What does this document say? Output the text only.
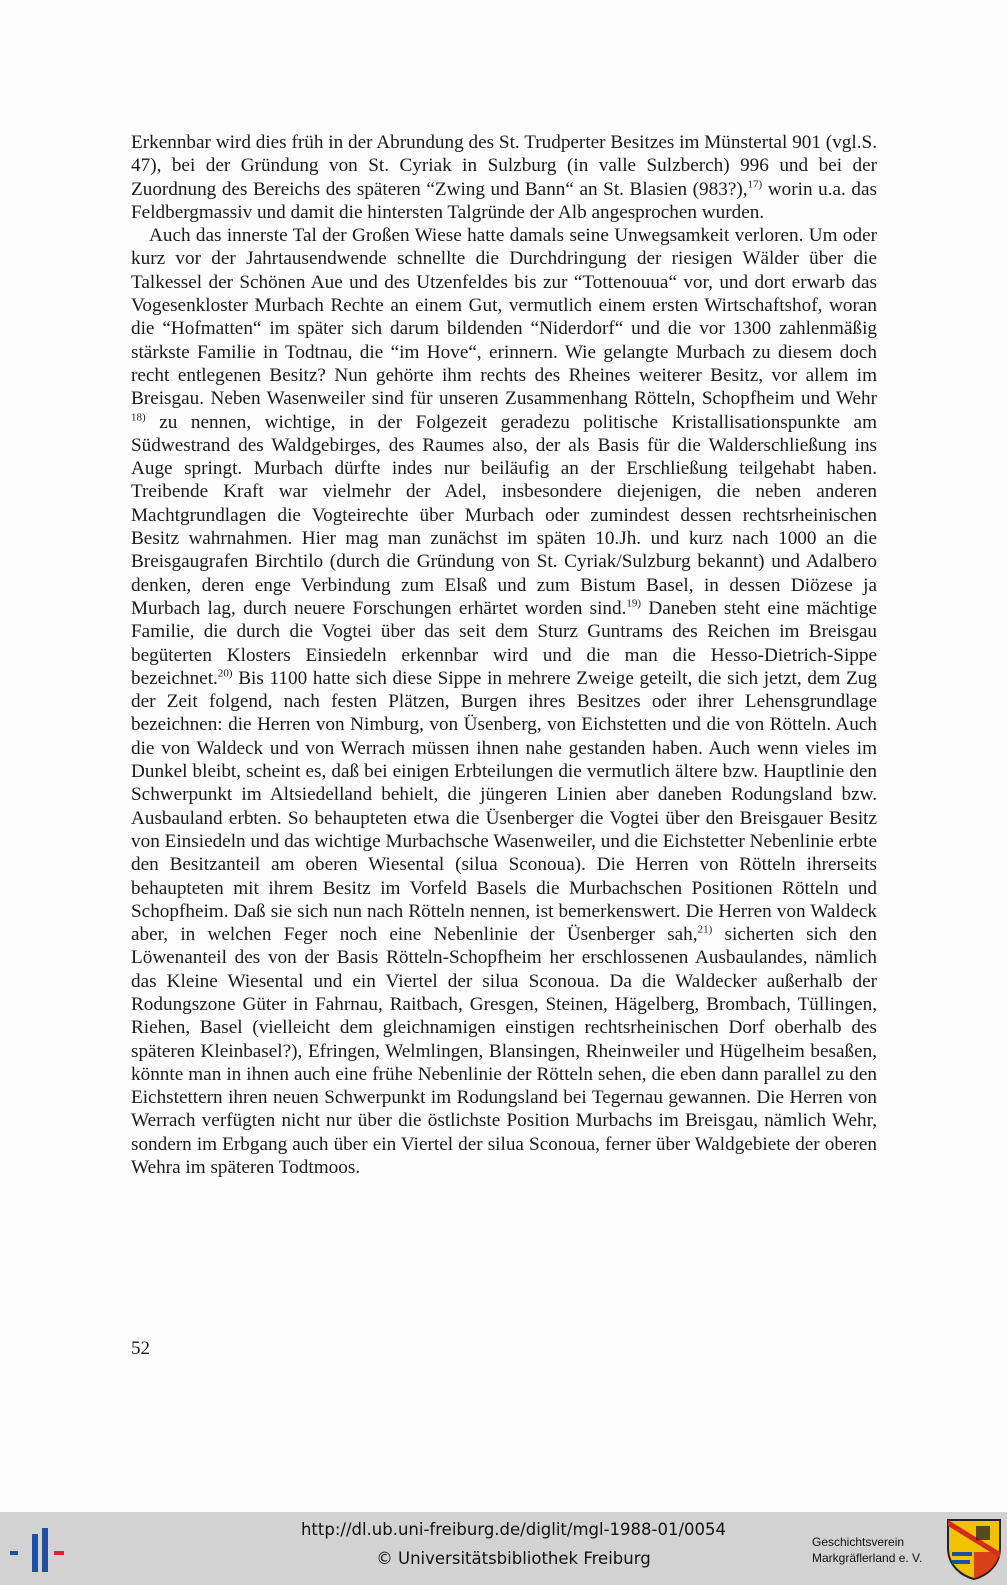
Erkennbar wird dies früh in der Abrundung des St. Trudperter Besitzes im Münstertal 901 (vgl.S. 47), bei der Gründung von St. Cyriak in Sulzburg (in valle Sulzberch) 996 und bei der Zuordnung des Bereichs des späteren “Zwing und Bann“ an St. Blasien (983?),$^{17)}$ worin u.a. das Feldbergmassiv und damit die hintersten Talgründe der Alb angesprochen wurden.

Auch das innerste Tal der Großen Wiese hatte damals seine Unwegsamkeit verloren. Um oder kurz vor der Jahrtausendwende schnellte die Durchdringung der riesigen Wälder über die Talkessel der Schönen Aue und des Utzenfeldes bis zur “Tottenouua“ vor, und dort erwarb das Vogesenkloster Murbach Rechte an einem Gut, vermutlich einem ersten Wirtschaftshof, woran die “Hofmatten“ im später sich darum bildenden “Niderdorf“ und die vor 1300 zahlenmäßig stärkste Familie in Todtnau, die “im Hove“, erinnern. Wie gelangte Murbach zu diesem doch recht entlegenen Besitz? Nun gehörte ihm rechts des Rheines weiterer Besitz, vor allem im Breisgau. Neben Wasenweiler sind für unseren Zusammenhang Rötteln, Schopfheim und Wehr $^{18)}$ zu nennen, wichtige, in der Folgezeit geradezu politische Kristallisationspunkte am Südwestrand des Waldgebirges, des Raumes also, der als Basis für die Walderschließung ins Auge springt. Murbach dürfte indes nur beiläufig an der Erschließung teilgehabt haben. Treibende Kraft war vielmehr der Adel, insbesondere diejenigen, die neben anderen Machtgrundlagen die Vogteirechte über Murbach oder zumindest dessen rechtsrheinischen Besitz wahrnahmen. Hier mag man zunächst im späten 10.Jh. und kurz nach 1000 an die Breisgaugrafen Birchtilo (durch die Gründung von St. Cyriak/Sulzburg bekannt) und Adalbero denken, deren enge Verbindung zum Elsaß und zum Bistum Basel, in dessen Diözese ja Murbach lag, durch neuere Forschungen erhärtet worden sind.$^{19)}$ Daneben steht eine mächtige Familie, die durch die Vogtei über das seit dem Sturz Guntrams des Reichen im Breisgau begüterten Klosters Einsiedeln erkennbar wird und die man die Hesso-Dietrich-Sippe bezeichnet.$^{20)}$ Bis 1100 hatte sich diese Sippe in mehrere Zweige geteilt, die sich jetzt, dem Zug der Zeit folgend, nach festen Plätzen, Burgen ihres Besitzes oder ihrer Lehensgrundlage bezeichnen: die Herren von Nimburg, von Üsenberg, von Eichstetten und die von Rötteln. Auch die von Waldeck und von Werrach müssen ihnen nahe gestanden haben. Auch wenn vieles im Dunkel bleibt, scheint es, daß bei einigen Erbteilungen die vermutlich ältere bzw. Hauptlinie den Schwerpunkt im Altsiedelland behielt, die jüngeren Linien aber daneben Rodungsland bzw. Ausbauland erbten. So behaupteten etwa die Üsenberger die Vogtei über den Breisgauer Besitz von Einsiedeln und das wichtige Murbachsche Wasenweiler, und die Eichstetter Nebenlinie erbte den Besitzanteil am oberen Wiesental (silua Sconoua). Die Herren von Rötteln ihrerseits behaupteten mit ihrem Besitz im Vorfeld Basels die Murbachschen Positionen Rötteln und Schopfheim. Daß sie sich nun nach Rötteln nennen, ist bemerkenswert. Die Herren von Waldeck aber, in welchen Feger noch eine Nebenlinie der Üsenberger sah,$^{21)}$ sicherten sich den Löwenanteil des von der Basis Rötteln-Schopfheim her erschlossenen Ausbaulandes, nämlich das Kleine Wiesental und ein Viertel der silua Sconoua. Da die Waldecker außerhalb der Rodungszone Güter in Fahrnau, Raitbach, Gresgen, Steinen, Hägelberg, Brombach, Tüllingen, Riehen, Basel (vielleicht dem gleichnamigen einstigen rechtsrheinischen Dorf oberhalb des späteren Kleinbasel?), Efringen, Welmlingen, Blansingen, Rheinweiler und Hügelheim besaßen, könnte man in ihnen auch eine frühe Nebenlinie der Rötteln sehen, die eben dann parallel zu den Eichstettern ihren neuen Schwerpunkt im Rodungsland bei Tegernau gewannen. Die Herren von Werrach verfügten nicht nur über die östlichste Position Murbachs im Breisgau, nämlich Wehr, sondern im Erbgang auch über ein Viertel der silua Sconoua, ferner über Waldgebiete der oberen Wehra im späteren Todtmoos.

52
http://dl.ub.uni-freiburg.de/diglit/mgl-1988-01/0054
© Universitätsbibliothek Freiburg
Geschichtsverein
Markgräflerland e. V.
